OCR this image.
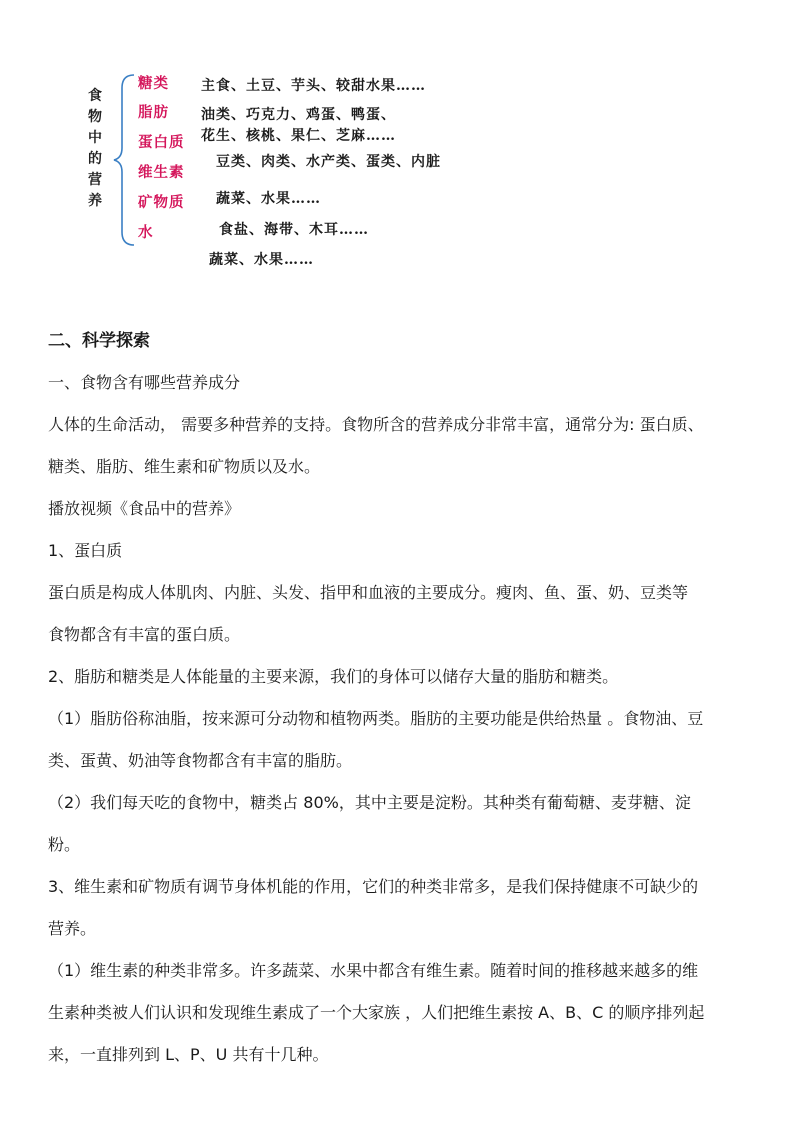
食
物
中
的
营
养
糖类
脂肪
蛋白质
维生素
矿物质
水
主食、土豆、芋头、较甜水果……
油类、巧克力、鸡蛋、鸭蛋、
花生、核桃、果仁、芝麻……
豆类、肉类、水产类、蛋类、内脏
蔬菜、水果……
食盐、海带、木耳……
蔬菜、水果……
二、科学探索
一、食物含有哪些营养成分
人体的生命活动， 需要多种营养的支持。食物所含的营养成分非常丰富，通常分为: 蛋白质、
糖类、脂肪、维生素和矿物质以及水。
播放视频《食品中的营养》
1、蛋白质
蛋白质是构成人体肌肉、内脏、头发、指甲和血液的主要成分。瘦肉、鱼、蛋、奶、豆类等
食物都含有丰富的蛋白质。
2、脂肪和糖类是人体能量的主要来源，我们的身体可以储存大量的脂肪和糖类。
（1）脂肪俗称油脂，按来源可分动物和植物两类。脂肪的主要功能是供给热量 。食物油、豆
类、蛋黄、奶油等食物都含有丰富的脂肪。
（2）我们每天吃的食物中，糖类占 80%，其中主要是淀粉。其种类有葡萄糖、麦芽糖、淀
粉。
3、维生素和矿物质有调节身体机能的作用，它们的种类非常多，是我们保持健康不可缺少的
营养。
（1）维生素的种类非常多。许多蔬菜、水果中都含有维生素。随着时间的推移越来越多的维
生素种类被人们认识和发现维生素成了一个大家族 ，人们把维生素按 A、B、C 的顺序排列起
来，一直排列到 L、P、U 共有十几种。
